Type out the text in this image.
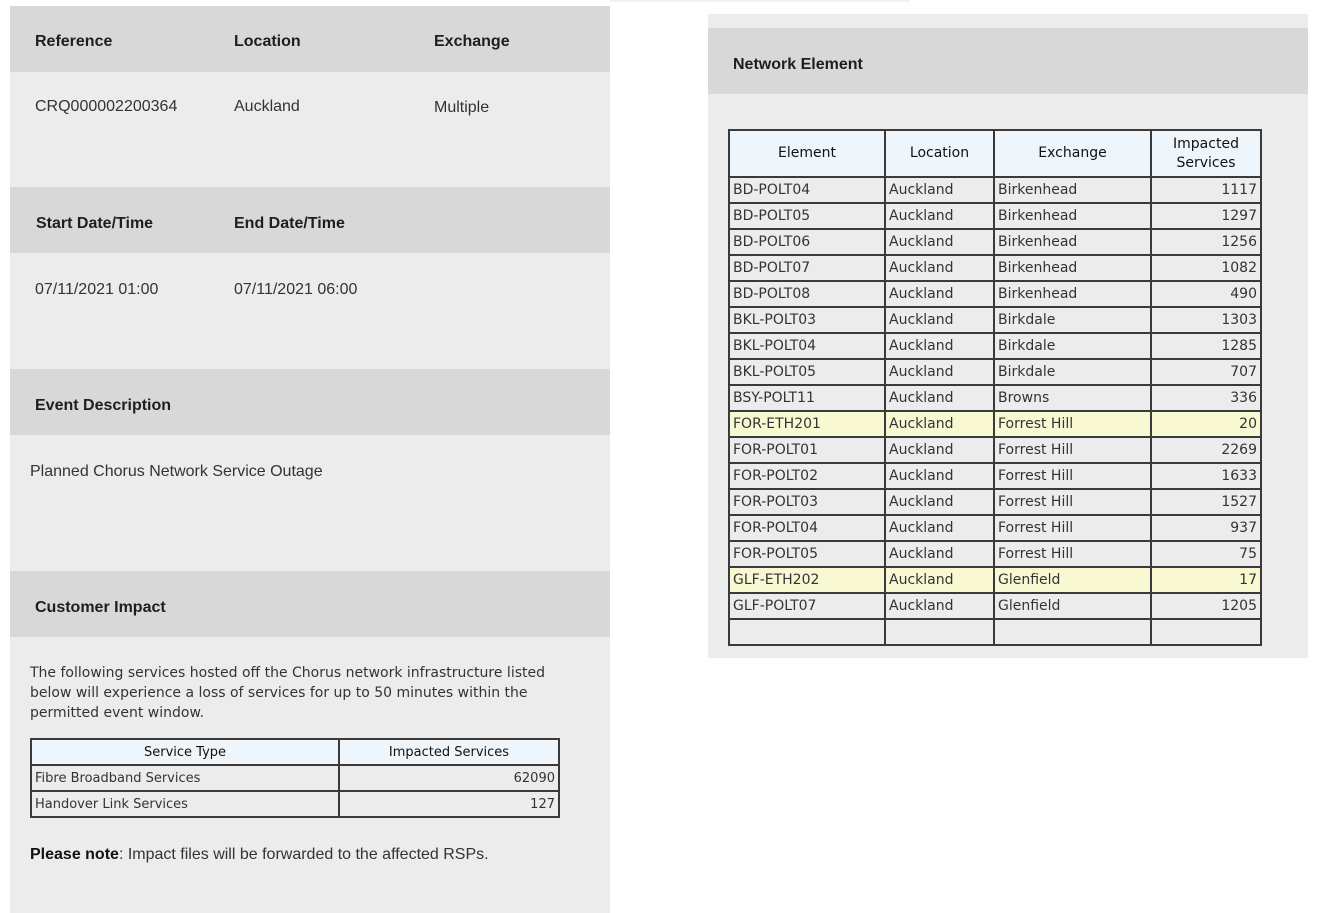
Reference	Location	Exchange
CRQ000002200364	Auckland	Multiple
Start Date/Time	End Date/Time
07/11/2021 01:00	07/11/2021 06:00
Event Description
Planned Chorus Network Service Outage
Customer Impact
The following services hosted off the Chorus network infrastructure listed below will experience a loss of services for up to 50 minutes within the permitted event window.
Service Type	Impacted Services
Fibre Broadband Services	62090
Handover Link Services	127
Please note: Impact files will be forwarded to the affected RSPs.
Network Element
Element	Location	Exchange	Impacted
Services
BD-POLT04	Auckland	Birkenhead	1117
BD-POLT05	Auckland	Birkenhead	1297
BD-POLT06	Auckland	Birkenhead	1256
BD-POLT07	Auckland	Birkenhead	1082
BD-POLT08	Auckland	Birkenhead	490
BKL-POLT03	Auckland	Birkdale	1303
BKL-POLT04	Auckland	Birkdale	1285
BKL-POLT05	Auckland	Birkdale	707
BSY-POLT11	Auckland	Browns	336
FOR-ETH201	Auckland	Forrest Hill	20
FOR-POLT01	Auckland	Forrest Hill	2269
FOR-POLT02	Auckland	Forrest Hill	1633
FOR-POLT03	Auckland	Forrest Hill	1527
FOR-POLT04	Auckland	Forrest Hill	937
FOR-POLT05	Auckland	Forrest Hill	75
GLF-ETH202	Auckland	Glenfield	17
GLF-POLT07	Auckland	Glenfield	1205
